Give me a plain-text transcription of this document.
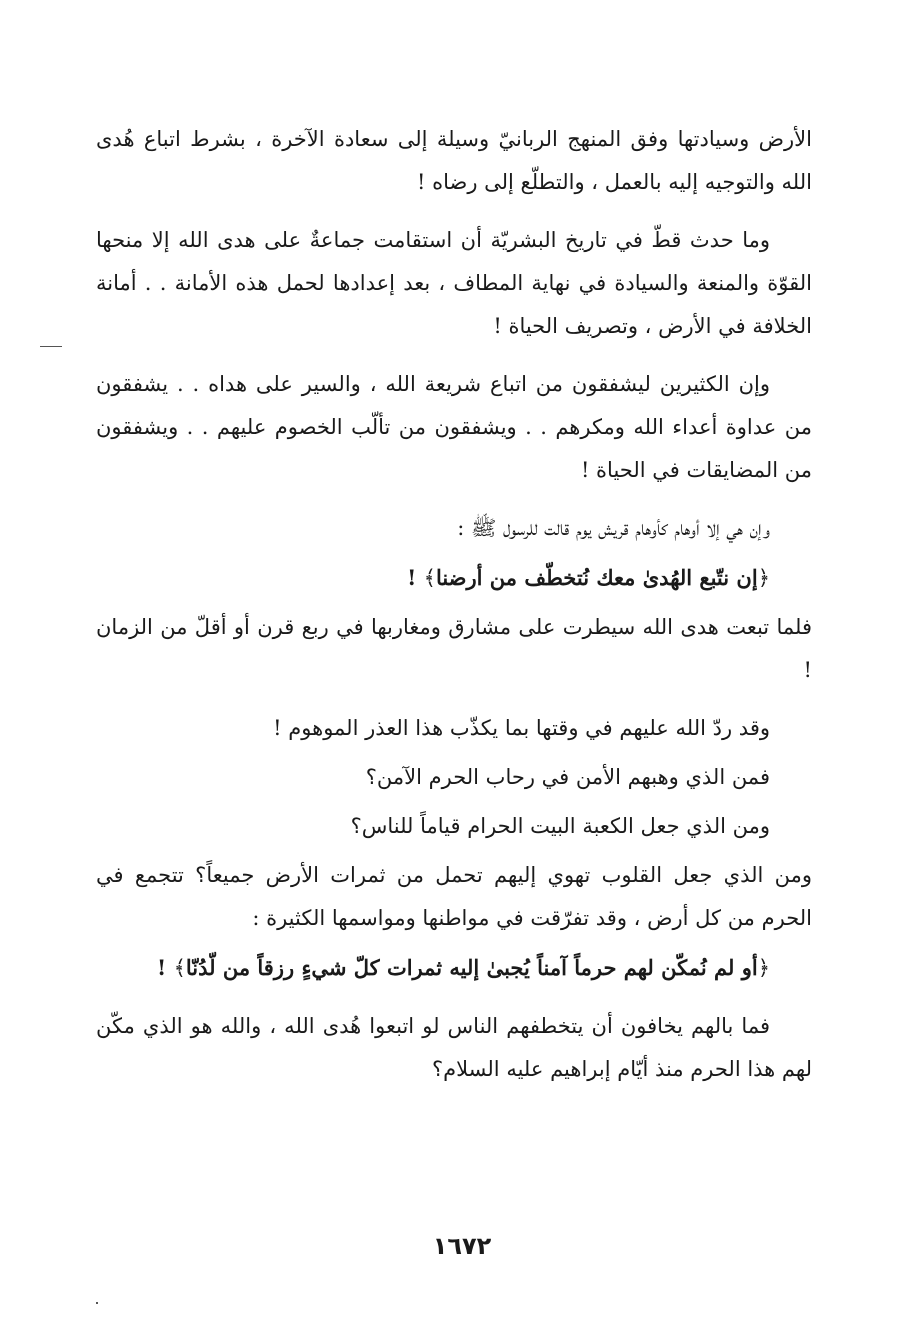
الأرض وسيادتها وفق المنهج الربانيّ وسيلة إلى سعادة الآخرة ، بشرط اتباع هُدى الله والتوجيه إليه بالعمل ، والتطلّع إلى رضاه !

وما حدث قطّ في تاريخ البشريّة أن استقامت جماعةٌ على هدى الله إلا منحها القوّة والمنعة والسيادة في نهاية المطاف ، بعد إعدادها لحمل هذه الأمانة . . أمانة الخلافة في الأرض ، وتصريف الحياة !

وإن الكثيرين ليشفقون من اتباع شريعة الله ، والسير على هداه . . يشفقون من عداوة أعداء الله ومكرهم . . ويشفقون من تألّب الخصوم عليهم . . ويشفقون من المضايقات في الحياة !

وإن هي إلا أوهام كأوهام قريش يوم قالت للرسول ﷺ :

﴿إن نتّبع الهُدىٰ معك نُتخطّف من أرضنا﴾ !

فلما تبعت هدى الله سيطرت على مشارق ومغاربها في ربع قرن أو أقلّ من الزمان !

وقد ردّ الله عليهم في وقتها بما يكذّب هذا العذر الموهوم !

فمن الذي وهبهم الأمن في رحاب الحرم الآمن؟

ومن الذي جعل الكعبة البيت الحرام قياماً للناس؟

ومن الذي جعل القلوب تهوي إليهم تحمل من ثمرات الأرض جميعاً؟ تتجمع في الحرم من كل أرض ، وقد تفرّقت في مواطنها ومواسمها الكثيرة :

﴿أو لم نُمكّن لهم حرماً آمناً يُجبىٰ إليه ثمرات كلّ شيءٍ رزقاً من لّدُنّا﴾ !

فما بالهم يخافون أن يتخطفهم الناس لو اتبعوا هُدى الله ، والله هو الذي مكّن لهم هذا الحرم منذ أيّام إبراهيم عليه السلام؟

١٦٧٢
